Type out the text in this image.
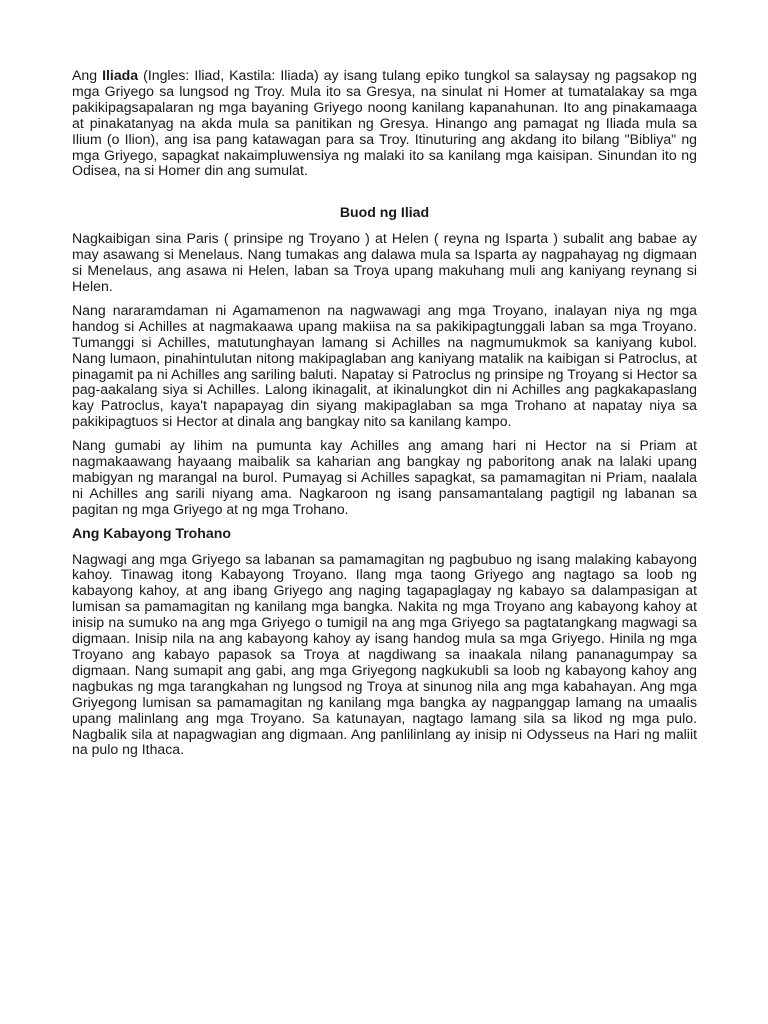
Ang Iliada (Ingles: Iliad, Kastila: Iliada) ay isang tulang epiko tungkol sa salaysay ng pagsakop ng mga Griyego sa lungsod ng Troy. Mula ito sa Gresya, na sinulat ni Homer at tumatalakay sa mga pakikipagsapalaran ng mga bayaning Griyego noong kanilang kapanahunan. Ito ang pinakamaaga at pinakatanyag na akda mula sa panitikan ng Gresya. Hinango ang pamagat ng Iliada mula sa Ilium (o Ilion), ang isa pang katawagan para sa Troy. Itinuturing ang akdang ito bilang "Bibliya" ng mga Griyego, sapagkat nakaimpluwensiya ng malaki ito sa kanilang mga kaisipan. Sinundan ito ng Odisea, na si Homer din ang sumulat.

Buod ng Iliad

Nagkaibigan sina Paris ( prinsipe ng Troyano ) at Helen ( reyna ng Isparta ) subalit ang babae ay may asawang si Menelaus. Nang tumakas ang dalawa mula sa Isparta ay nagpahayag ng digmaan si Menelaus, ang asawa ni Helen, laban sa Troya upang makuhang muli ang kaniyang reynang si Helen.

Nang nararamdaman ni Agamamenon na nagwawagi ang mga Troyano, inalayan niya ng mga handog si Achilles at nagmakaawa upang makiisa na sa pakikipagtunggali laban sa mga Troyano. Tumanggi si Achilles, matutunghayan lamang si Achilles na nagmumukmok sa kaniyang kubol. Nang lumaon, pinahintulutan nitong makipaglaban ang kaniyang matalik na kaibigan si Patroclus, at pinagamit pa ni Achilles ang sariling baluti. Napatay si Patroclus ng prinsipe ng Troyang si Hector sa pag-aakalang siya si Achilles. Lalong ikinagalit, at ikinalungkot din ni Achilles ang pagkakapaslang kay Patroclus, kaya't napapayag din siyang makipaglaban sa mga Trohano at napatay niya sa pakikipagtuos si Hector at dinala ang bangkay nito sa kanilang kampo.

Nang gumabi ay lihim na pumunta kay Achilles ang amang hari ni Hector na si Priam at nagmakaawang hayaang maibalik sa kaharian ang bangkay ng paboritong anak na lalaki upang mabigyan ng marangal na burol. Pumayag si Achilles sapagkat, sa pamamagitan ni Priam, naalala ni Achilles ang sarili niyang ama. Nagkaroon ng isang pansamantalang pagtigil ng labanan sa pagitan ng mga Griyego at ng mga Trohano.

Ang Kabayong Trohano

Nagwagi ang mga Griyego sa labanan sa pamamagitan ng pagbubuo ng isang malaking kabayong kahoy. Tinawag itong Kabayong Troyano. Ilang mga taong Griyego ang nagtago sa loob ng kabayong kahoy, at ang ibang Griyego ang naging tagapaglagay ng kabayo sa dalampasigan at lumisan sa pamamagitan ng kanilang mga bangka. Nakita ng mga Troyano ang kabayong kahoy at inisip na sumuko na ang mga Griyego o tumigil na ang mga Griyego sa pagtatangkang magwagi sa digmaan. Inisip nila na ang kabayong kahoy ay isang handog mula sa mga Griyego. Hinila ng mga Troyano ang kabayo papasok sa Troya at nagdiwang sa inaakala nilang pananagumpay sa digmaan. Nang sumapit ang gabi, ang mga Griyegong nagkukubli sa loob ng kabayong kahoy ang nagbukas ng mga tarangkahan ng lungsod ng Troya at sinunog nila ang mga kabahayan. Ang mga Griyegong lumisan sa pamamagitan ng kanilang mga bangka ay nagpanggap lamang na umaalis upang malinlang ang mga Troyano. Sa katunayan, nagtago lamang sila sa likod ng mga pulo. Nagbalik sila at napagwagian ang digmaan. Ang panlilinlang ay inisip ni Odysseus na Hari ng maliit na pulo ng Ithaca.
